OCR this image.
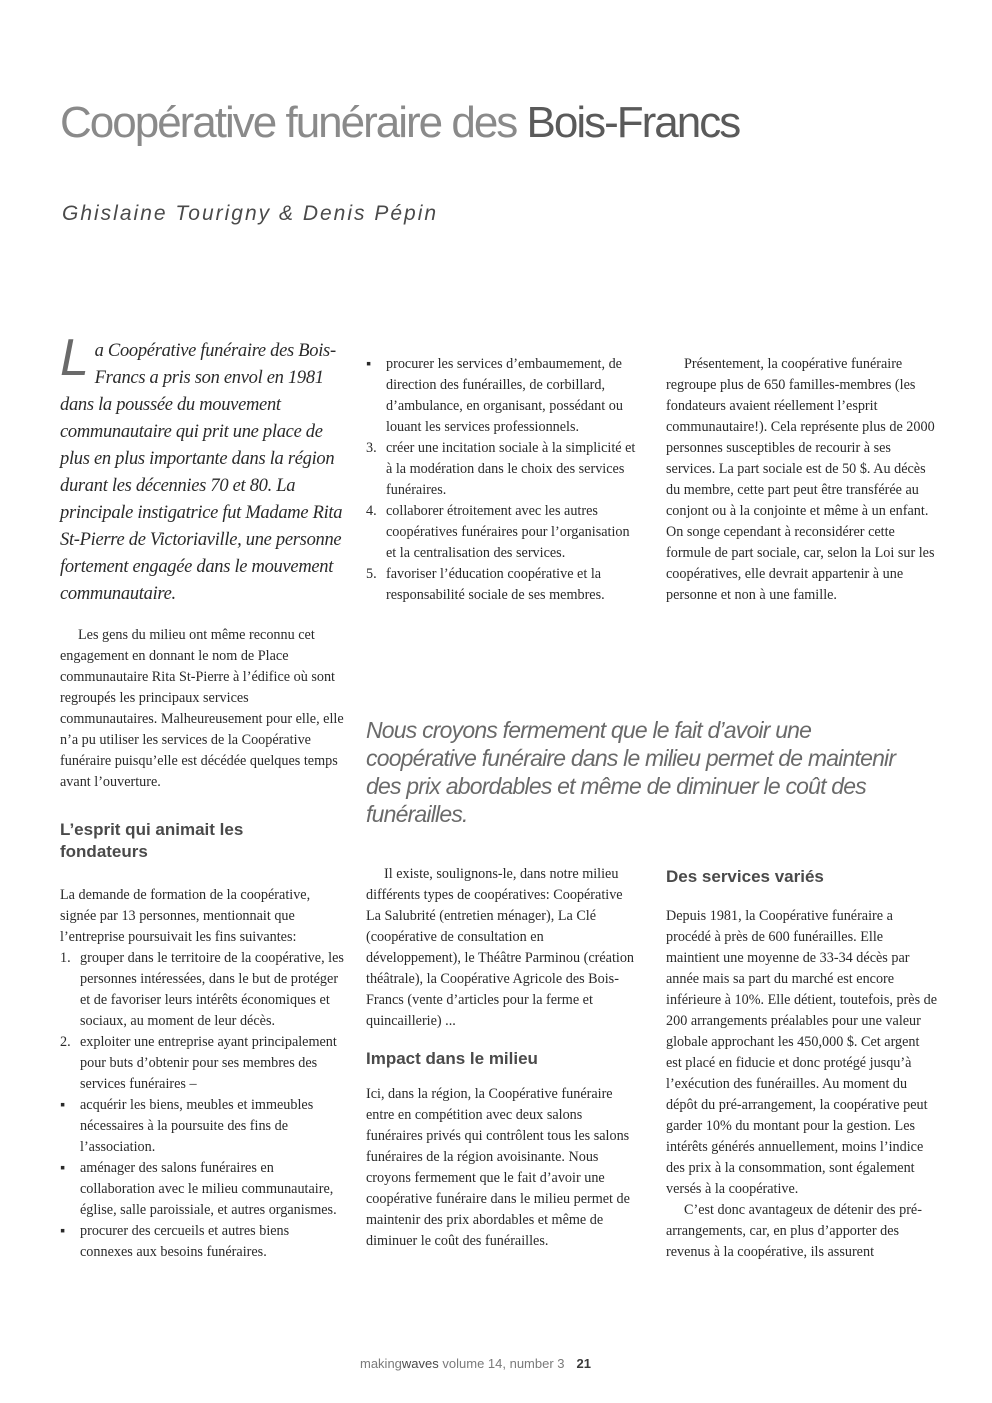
Coopérative funéraire des Bois-Francs
Ghislaine Tourigny & Denis Pépin

La Coopérative funéraire des Bois-Francs a pris son envol en 1981 dans la poussée du mouvement communautaire qui prit une place de plus en plus importante dans la région durant les décennies 70 et 80. La principale instigatrice fut Madame Rita St-Pierre de Victoriaville, une personne fortement engagée dans le mouvement communautaire.

Les gens du milieu ont même reconnu cet engagement en donnant le nom de Place communautaire Rita St-Pierre à l’édifice où sont regroupés les principaux services communautaires. Malheureusement pour elle, elle n’a pu utiliser les services de la Coopérative funéraire puisqu’elle est décédée quelques temps avant l’ouverture.

L’esprit qui animait les fondateurs

La demande de formation de la coopérative, signée par 13 personnes, mentionnait que l’entreprise poursuivait les fins suivantes:

1. grouper dans le territoire de la coopérative, les personnes intéressées, dans le but de protéger et de favoriser leurs intérêts économiques et sociaux, au moment de leur décès.
2. exploiter une entreprise ayant principalement pour buts d’obtenir pour ses membres des services funéraires –
▪ acquérir les biens, meubles et immeubles nécessaires à la poursuite des fins de l’association.
▪ aménager des salons funéraires en collaboration avec le milieu communautaire, église, salle paroissiale, et autres organismes.
▪ procurer des cercueils et autres biens connexes aux besoins funéraires.
▪ procurer les services d’embaumement, de direction des funérailles, de corbillard, d’ambulance, en organisant, possédant ou louant les services professionnels.
3. créer une incitation sociale à la simplicité et à la modération dans le choix des services funéraires.
4. collaborer étroitement avec les autres coopératives funéraires pour l’organisation et la centralisation des services.
5. favoriser l’éducation coopérative et la responsabilité sociale de ses membres.
Nous croyons fermement que le fait d’avoir une coopérative funéraire dans le milieu permet de maintenir des prix abordables et même de diminuer le coût des funérailles.

Il existe, soulignons-le, dans notre milieu différents types de coopératives: Coopérative La Salubrité (entretien ménager), La Clé (coopérative de consultation en développement), le Théâtre Parminou (création théâtrale), la Coopérative Agricole des Bois-Francs (vente d’articles pour la ferme et quincaillerie) ...

Impact dans le milieu

Ici, dans la région, la Coopérative funéraire entre en compétition avec deux salons funéraires privés qui contrôlent tous les salons funéraires de la région avoisinante. Nous croyons fermement que le fait d’avoir une coopérative funéraire dans le milieu permet de maintenir des prix abordables et même de diminuer le coût des funérailles.

Présentement, la coopérative funéraire regroupe plus de 650 familles-membres (les fondateurs avaient réellement l’esprit communautaire!). Cela représente plus de 2000 personnes susceptibles de recourir à ses services. La part sociale est de 50 $. Au décès du membre, cette part peut être transférée au conjont ou à la conjointe et même à un enfant. On songe cependant à reconsidérer cette formule de part sociale, car, selon la Loi sur les coopératives, elle devrait appartenir à une personne et non à une famille.

Des services variés

Depuis 1981, la Coopérative funéraire a procédé à près de 600 funérailles. Elle maintient une moyenne de 33-34 décès par année mais sa part du marché est encore inférieure à 10%. Elle détient, toutefois, près de 200 arrangements préalables pour une valeur globale approchant les 450,000 $. Cet argent est placé en fiducie et donc protégé jusqu’à l’exécution des funérailles. Au moment du dépôt du pré-arrangement, la coopérative peut garder 10% du montant pour la gestion. Les intérêts générés annuellement, moins l’indice des prix à la consommation, sont également versés à la coopérative.

C’est donc avantageux de détenir des pré-arrangements, car, en plus d’apporter des revenus à la coopérative, ils assurent

makingwaves volume 14, number 3 21
